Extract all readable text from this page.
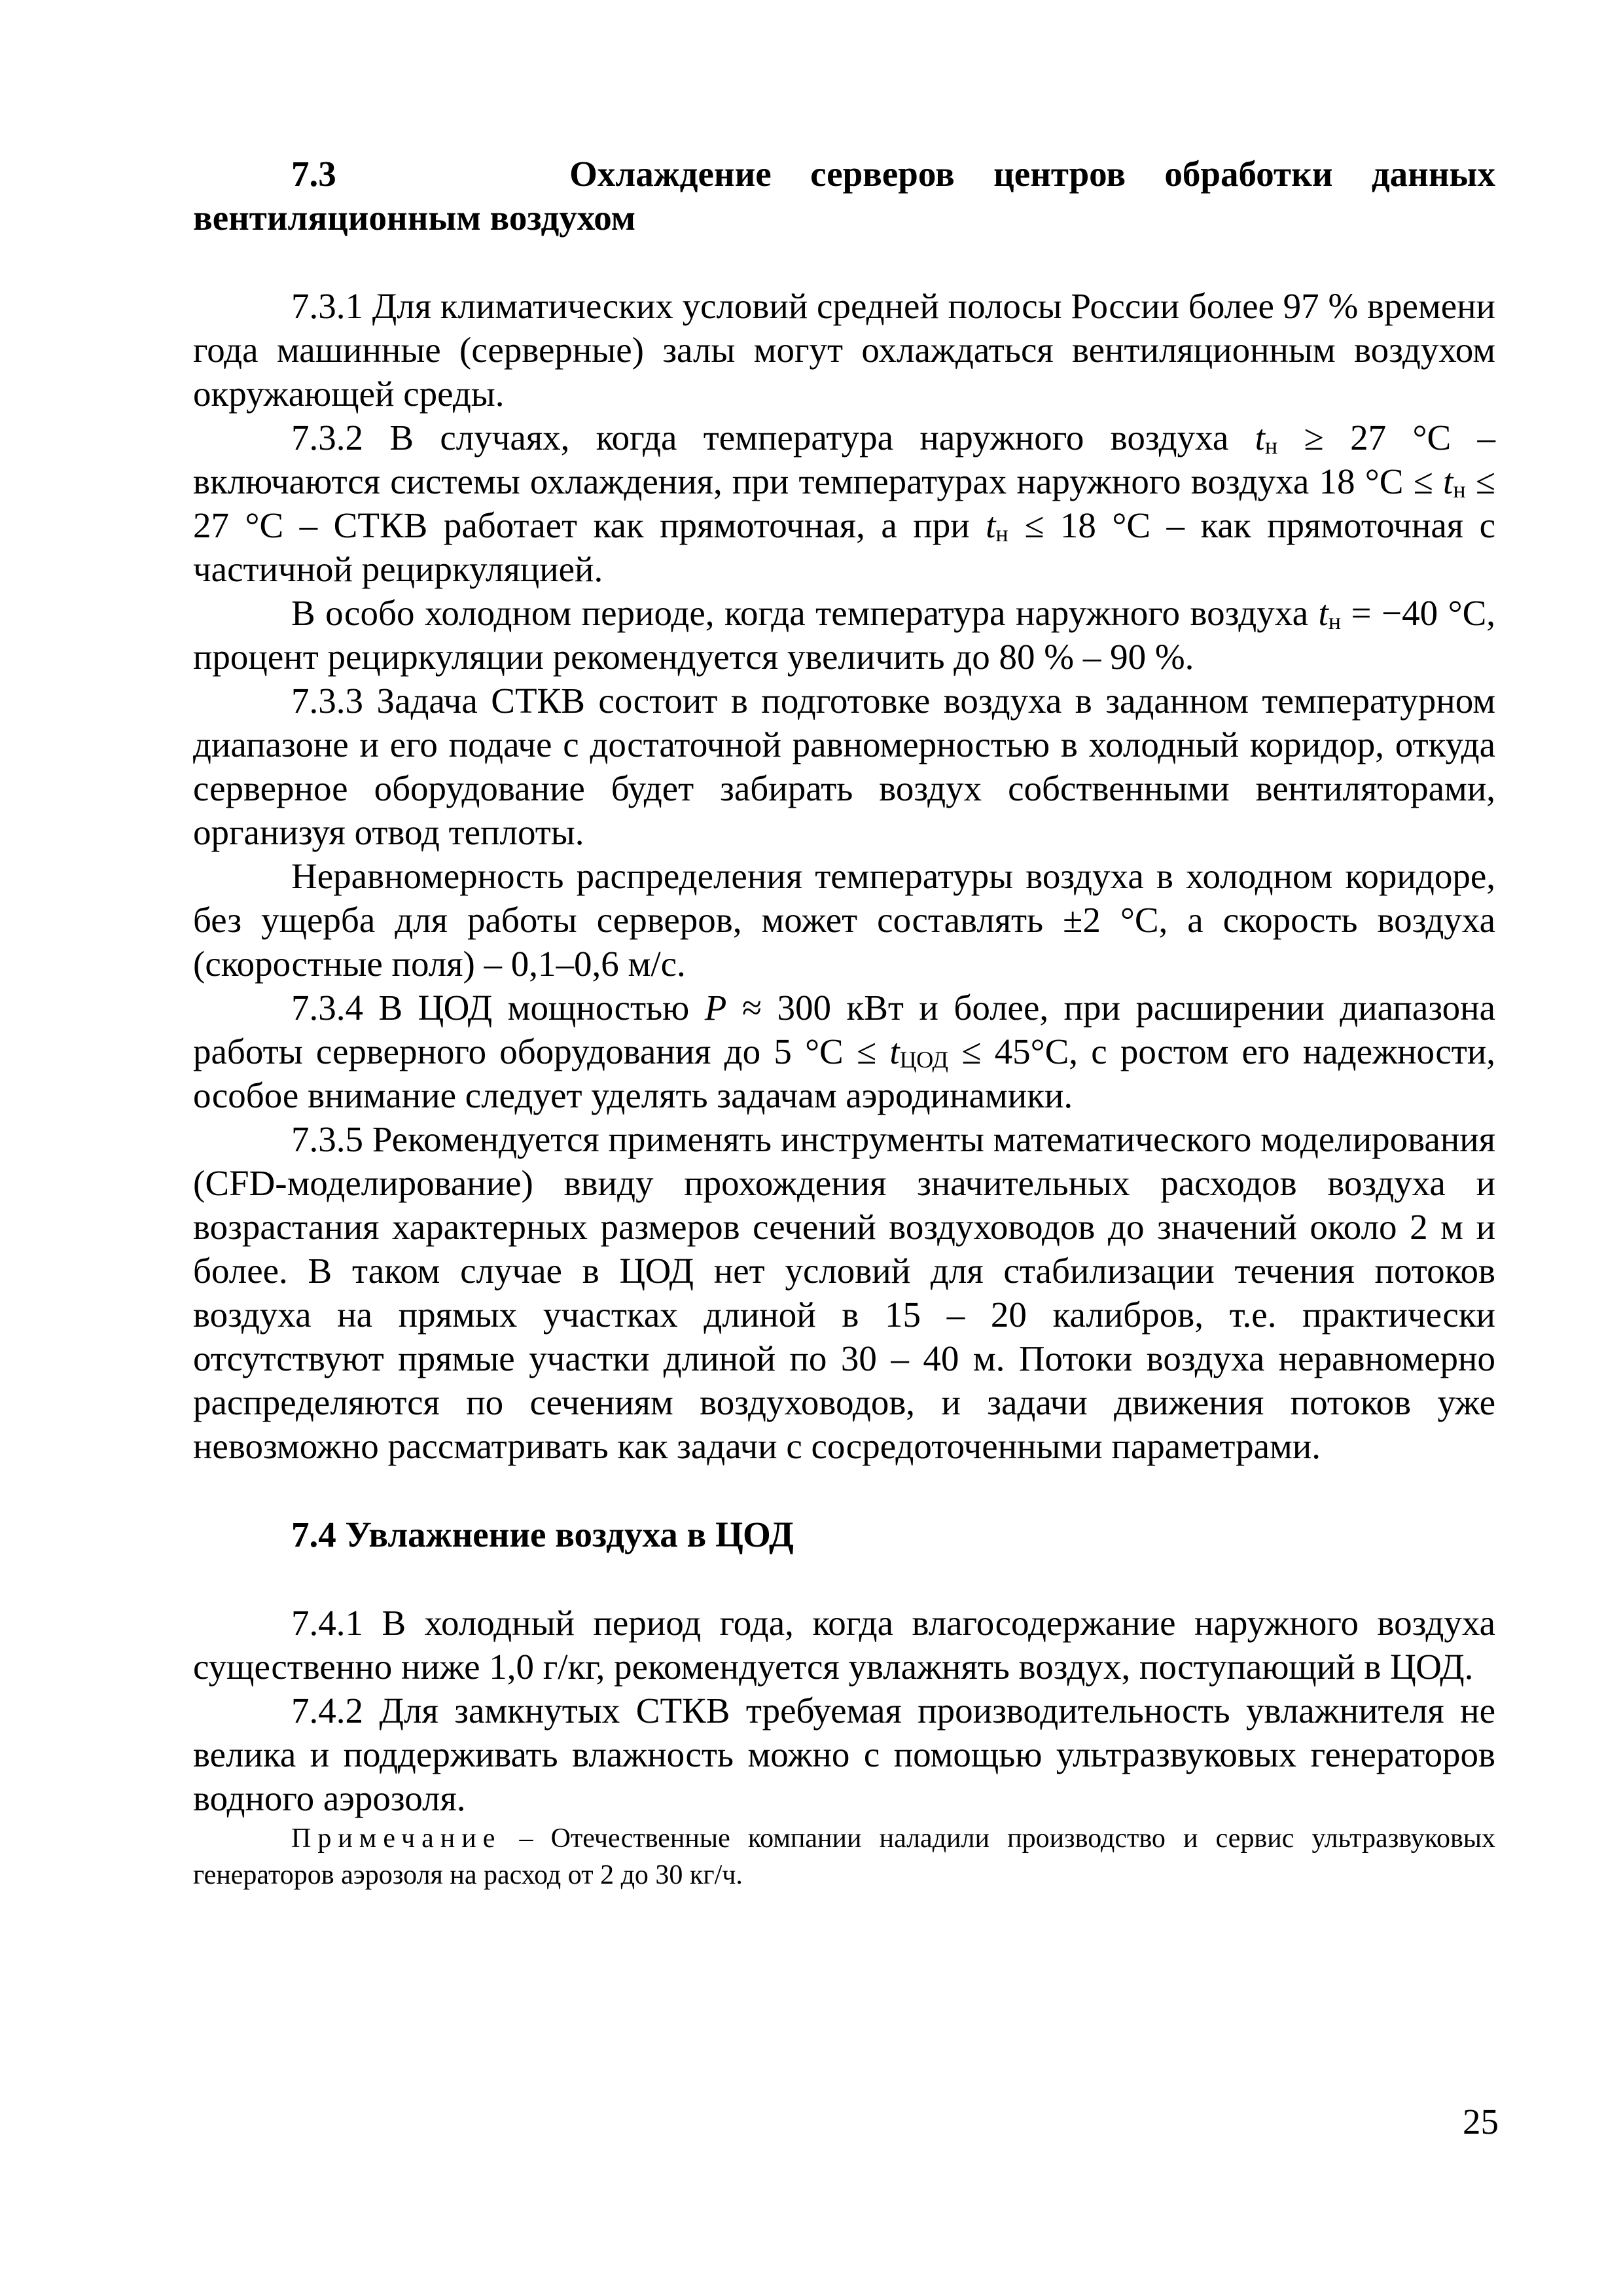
7.3	Охлаждение серверов центров обработки данных
вентиляционным воздухом

7.3.1 Для климатических условий средней полосы России более 97 % времени года машинные (серверные) залы могут охлаждаться вентиляционным воздухом окружающей среды.

7.3.2 В случаях, когда температура наружного воздуха $t_н \ge 27$ °С – включаются системы охлаждения, при температурах наружного воздуха 18 $^\circ С \le t_н \le 27$ °С – СТКВ работает как прямоточная, а при $t_н \le 18$ °С – как прямоточная с частичной рециркуляцией.

В особо холодном периоде, когда температура наружного воздуха $t_н = -40$ °С, процент рециркуляции рекомендуется увеличить до 80 % – 90 %.

7.3.3 Задача СТКВ состоит в подготовке воздуха в заданном температурном диапазоне и его подаче с достаточной равномерностью в холодный коридор, откуда серверное оборудование будет забирать воздух собственными вентиляторами, организуя отвод теплоты.

Неравномерность распределения температуры воздуха в холодном коридоре, без ущерба для работы серверов, может составлять ±2 °С, а скорость воздуха (скоростные поля) – 0,1–0,6 м/с.

7.3.4 В ЦОД мощностью Р ≈ 300 кВт и более, при расширении диапазона работы серверного оборудования до 5 $^\circ С \le t_{ЦОД} \le 45^\circ С$, с ростом его надежности, особое внимание следует уделять задачам аэродинамики.

7.3.5 Рекомендуется применять инструменты математического моделирования (CFD-моделирование) ввиду прохождения значительных расходов воздуха и возрастания характерных размеров сечений воздуховодов до значений около 2 м и более. В таком случае в ЦОД нет условий для стабилизации течения потоков воздуха на прямых участках длиной в 15 – 20 калибров, т.е. практически отсутствуют прямые участки длиной по 30 – 40 м. Потоки воздуха неравномерно распределяются по сечениям воздуховодов, и задачи движения потоков уже невозможно рассматривать как задачи с сосредоточенными параметрами.

7.4 Увлажнение воздуха в ЦОД

7.4.1 В холодный период года, когда влагосодержание наружного воздуха существенно ниже 1,0 г/кг, рекомендуется увлажнять воздух, поступающий в ЦОД.

7.4.2 Для замкнутых СТКВ требуемая производительность увлажнителя не велика и поддерживать влажность можно с помощью ультразвуковых генераторов водного аэрозоля.

Примечание – Отечественные компании наладили производство и сервис ультразвуковых генераторов аэрозоля на расход от 2 до 30 кг/ч.

25
